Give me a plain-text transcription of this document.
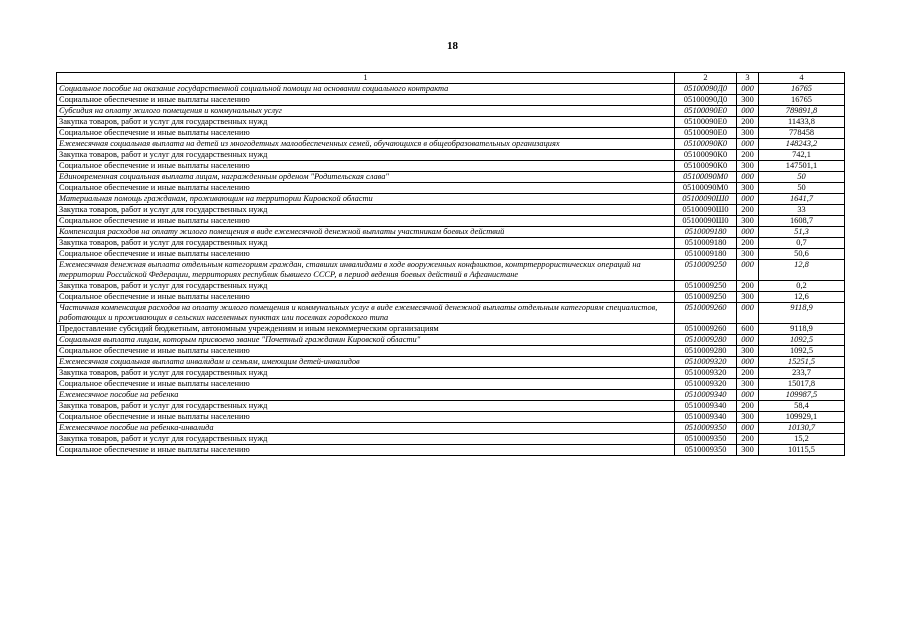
18
1	2	3	4
Социальное пособие на оказание государственной социальной помощи на основании социального контракта	05100090Д0	000	16765
Социальное обеспечение и иные выплаты населению	05100090Д0	300	16765
Субсидия на оплату жилого помещения и коммунальных услуг	05100090Е0	000	789891,8
Закупка товаров, работ и услуг для государственных нужд	05100090Е0	200	11433,8
Социальное обеспечение и иные выплаты населению	05100090Е0	300	778458
Ежемесячная социальная выплата на детей из многодетных малообеспеченных семей, обучающихся в общеобразовательных организациях	05100090К0	000	148243,2
Закупка товаров, работ и услуг для государственных нужд	05100090К0	200	742,1
Социальное обеспечение и иные выплаты населению	05100090К0	300	147501,1
Единовременная социальная выплата лицам, награжденным орденом "Родительская слава"	05100090М0	000	50
Социальное обеспечение и иные выплаты населению	05100090М0	300	50
Материальная помощь гражданам, проживающим на территории Кировской области	05100090Ш0	000	1641,7
Закупка товаров, работ и услуг для государственных нужд	05100090Ш0	200	33
Социальное обеспечение и иные выплаты населению	05100090Ш0	300	1608,7
Компенсация расходов на оплату жилого помещения в виде ежемесячной денежной выплаты участникам боевых действий	0510009180	000	51,3
Закупка товаров, работ и услуг для государственных нужд	0510009180	200	0,7
Социальное обеспечение и иные выплаты населению	0510009180	300	50,6
Ежемесячная денежная выплата отдельным категориям граждан, ставших инвалидами в ходе вооруженных конфликтов, контртеррористических операций на территории Российской Федерации, территориях республик бывшего СССР, в период ведения боевых действий в Афганистане	0510009250	000	12,8
Закупка товаров, работ и услуг для государственных нужд	0510009250	200	0,2
Социальное обеспечение и иные выплаты населению	0510009250	300	12,6
Частичная компенсация расходов на оплату жилого помещения и коммунальных услуг в виде ежемесячной денежной выплаты отдельным категориям специалистов, работающих и проживающих в сельских населенных пунктах или поселках городского типа	0510009260	000	9118,9
Предоставление субсидий бюджетным, автономным учреждениям и иным некоммерческим организациям	0510009260	600	9118,9
Социальная выплата лицам, которым присвоено звание "Почетный гражданин Кировской области"	0510009280	000	1092,5
Социальное обеспечение и иные выплаты населению	0510009280	300	1092,5
Ежемесячная социальная выплата инвалидам и семьям, имеющим детей-инвалидов	0510009320	000	15251,5
Закупка товаров, работ и услуг для государственных нужд	0510009320	200	233,7
Социальное обеспечение и иные выплаты населению	0510009320	300	15017,8
Ежемесячное пособие на ребенка	0510009340	000	109987,5
Закупка товаров, работ и услуг для государственных нужд	0510009340	200	58,4
Социальное обеспечение и иные выплаты населению	0510009340	300	109929,1
Ежемесячное пособие на ребенка-инвалида	0510009350	000	10130,7
Закупка товаров, работ и услуг для государственных нужд	0510009350	200	15,2
Социальное обеспечение и иные выплаты населению	0510009350	300	10115,5
